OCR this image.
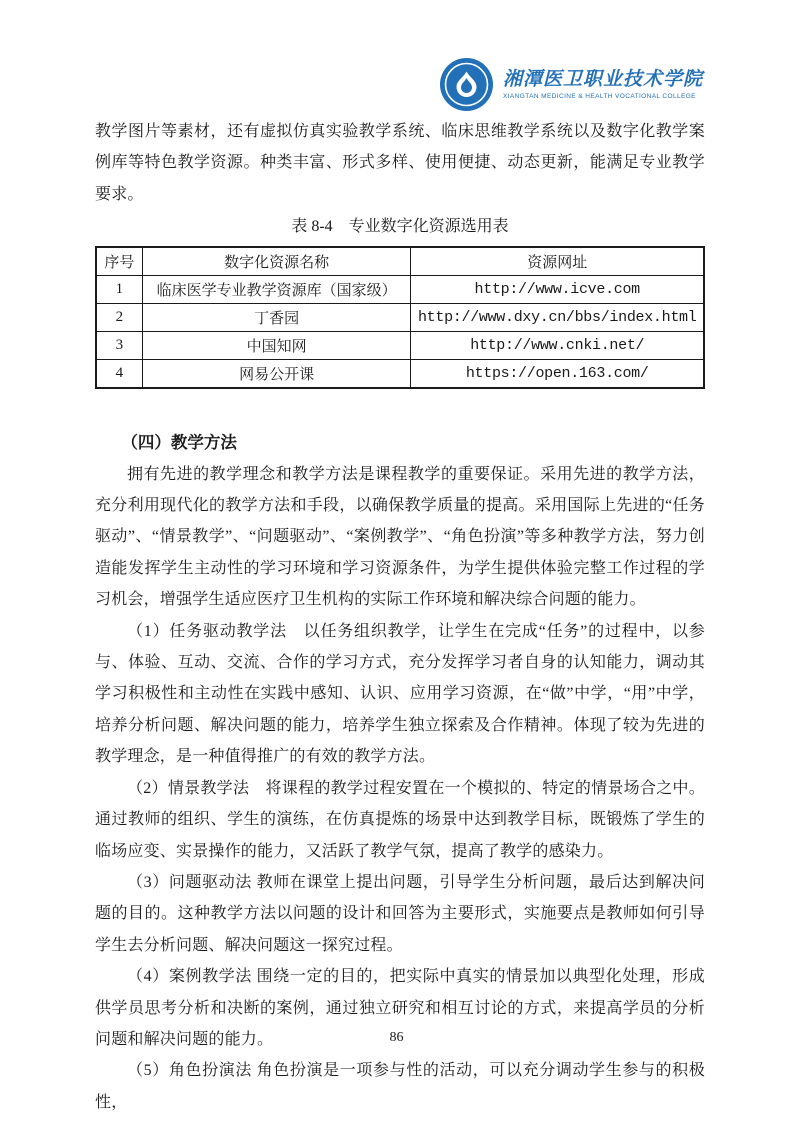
湘潭医卫职业技术学院
XIANGTAN MEDICINE & HEALTH VOCATIONAL COLLEGE

教学图片等素材，还有虚拟仿真实验教学系统、临床思维教学系统以及数字化教学案例库等特色教学资源。种类丰富、形式多样、使用便捷、动态更新，能满足专业教学要求。

表 8-4　专业数字化资源选用表
序号	数字化资源名称	资源网址
1	临床医学专业教学资源库（国家级）	http://www.icve.com
2	丁香园	http://www.dxy.cn/bbs/index.html
3	中国知网	http://www.cnki.net/
4	网易公开课	https://open.163.com/
（四）教学方法

拥有先进的教学理念和教学方法是课程教学的重要保证。采用先进的教学方法，充分利用现代化的教学方法和手段，以确保教学质量的提高。采用国际上先进的“任务驱动”、“情景教学”、“问题驱动”、“案例教学”、“角色扮演”等多种教学方法，努力创造能发挥学生主动性的学习环境和学习资源条件，为学生提供体验完整工作过程的学习机会，增强学生适应医疗卫生机构的实际工作环境和解决综合问题的能力。

（1）任务驱动教学法　以任务组织教学，让学生在完成“任务”的过程中，以参与、体验、互动、交流、合作的学习方式，充分发挥学习者自身的认知能力，调动其学习积极性和主动性在实践中感知、认识、应用学习资源，在“做”中学，“用”中学，培养分析问题、解决问题的能力，培养学生独立探索及合作精神。体现了较为先进的教学理念，是一种值得推广的有效的教学方法。

（2）情景教学法　将课程的教学过程安置在一个模拟的、特定的情景场合之中。通过教师的组织、学生的演练，在仿真提炼的场景中达到教学目标，既锻炼了学生的临场应变、实景操作的能力，又活跃了教学气氛，提高了教学的感染力。

（3）问题驱动法 教师在课堂上提出问题，引导学生分析问题，最后达到解决问题的目的。这种教学方法以问题的设计和回答为主要形式，实施要点是教师如何引导学生去分析问题、解决问题这一探究过程。

（4）案例教学法 围绕一定的目的，把实际中真实的情景加以典型化处理，形成供学员思考分析和决断的案例，通过独立研究和相互讨论的方式，来提高学员的分析问题和解决问题的能力。

（5）角色扮演法 角色扮演是一项参与性的活动，可以充分调动学生参与的积极性，

86
